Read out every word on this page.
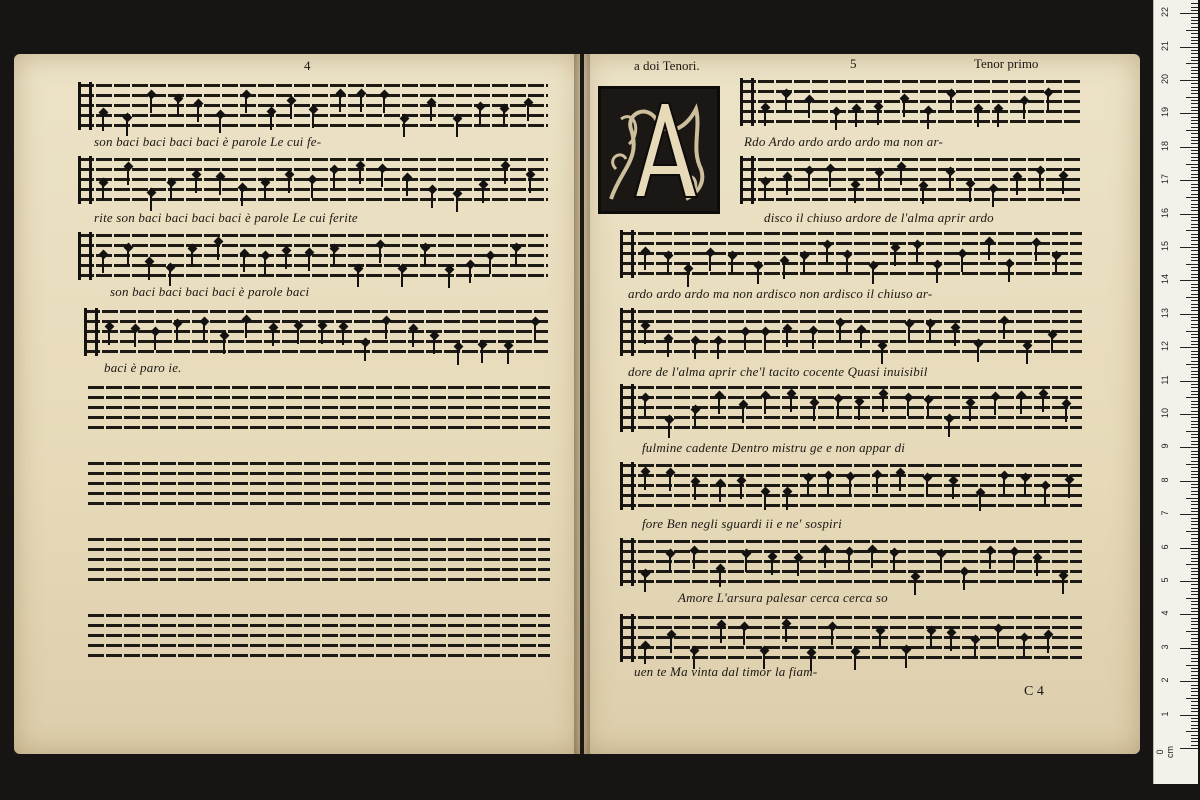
4
son baci baci baci baci è parole Le cui fe-
rite son baci baci baci baci è parole Le cui ferite
son baci baci baci baci è parole baci
baci è paro ie.
a doi Tenori.	5	Tenor primo
Rdo Ardo ardo ardo ardo ma non ar-
disco il chiuso ardore de l'alma aprir ardo
ardo ardo ardo ma non ardisco non ardisco il chiuso ar-
dore de l'alma aprir che'l tacito cocente Quasi inuisibil
fulmine cadente Dentro mistru ge e non appar di
fore Ben negli sguardi ii e ne' sospiri
Amore L'arsura palesar cerca cerca so
uen te Ma vinta dal timor la fiam-
C 4
0 cm
1
2
3
4
5
6
7
8
9
10
11
12
13
14
15
16
17
18
19
20
21
22
